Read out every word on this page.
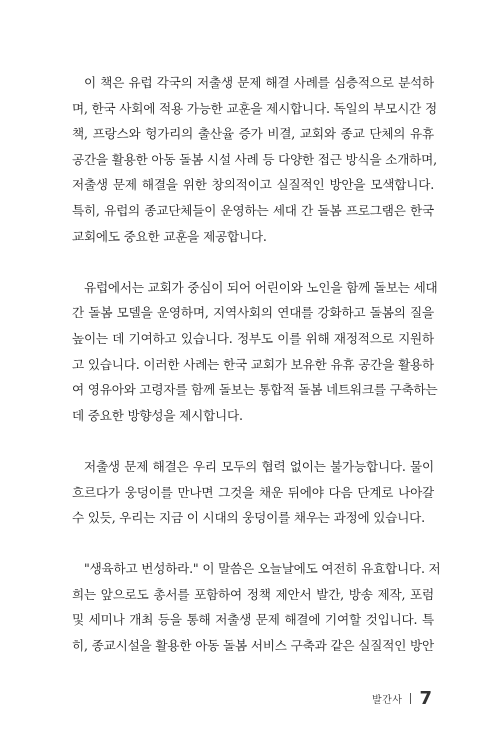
이 책은 유럽 각국의 저출생 문제 해결 사례를 심층적으로 분석하
며, 한국 사회에 적용 가능한 교훈을 제시합니다. 독일의 부모시간 정
책, 프랑스와 헝가리의 출산율 증가 비결, 교회와 종교 단체의 유휴
공간을 활용한 아동 돌봄 시설 사례 등 다양한 접근 방식을 소개하며,
저출생 문제 해결을 위한 창의적이고 실질적인 방안을 모색합니다.
특히, 유럽의 종교단체들이 운영하는 세대 간 돌봄 프로그램은 한국
교회에도 중요한 교훈을 제공합니다.

유럽에서는 교회가 중심이 되어 어린이와 노인을 함께 돌보는 세대
간 돌봄 모델을 운영하며, 지역사회의 연대를 강화하고 돌봄의 질을
높이는 데 기여하고 있습니다. 정부도 이를 위해 재정적으로 지원하
고 있습니다. 이러한 사례는 한국 교회가 보유한 유휴 공간을 활용하
여 영유아와 고령자를 함께 돌보는 통합적 돌봄 네트워크를 구축하는
데 중요한 방향성을 제시합니다.

저출생 문제 해결은 우리 모두의 협력 없이는 불가능합니다. 물이
흐르다가 웅덩이를 만나면 그것을 채운 뒤에야 다음 단계로 나아갈
수 있듯, 우리는 지금 이 시대의 웅덩이를 채우는 과정에 있습니다.

"생육하고 번성하라." 이 말씀은 오늘날에도 여전히 유효합니다. 저
희는 앞으로도 총서를 포함하여 정책 제안서 발간, 방송 제작, 포럼
및 세미나 개최 등을 통해 저출생 문제 해결에 기여할 것입니다. 특
히, 종교시설을 활용한 아동 돌봄 서비스 구축과 같은 실질적인 방안

발간사 7
